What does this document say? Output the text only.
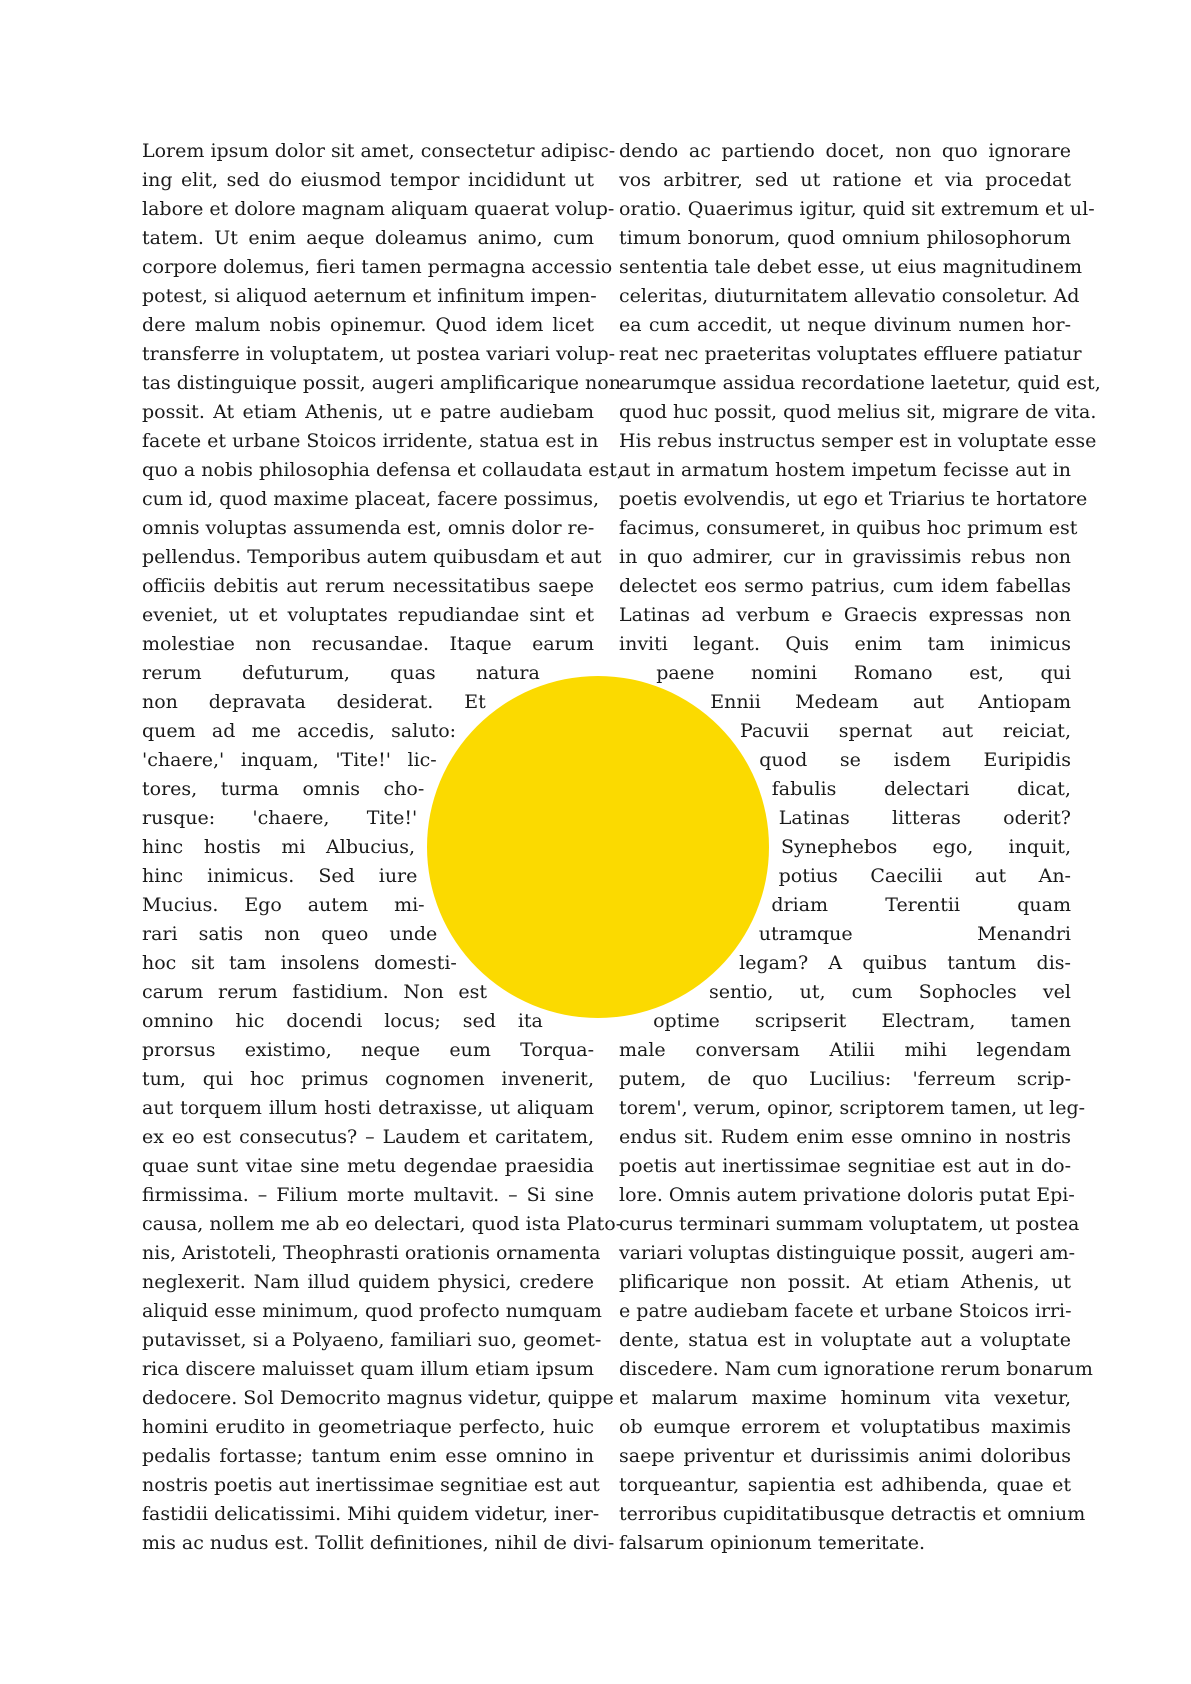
Lorem ipsum dolor sit amet, consectetur adipisc-
ing elit, sed do eiusmod tempor incididunt ut
labore et dolore magnam aliquam quaerat volup-
tatem. Ut enim aeque doleamus animo, cum
corpore dolemus, fieri tamen permagna accessio
potest, si aliquod aeternum et infinitum impen-
dere malum nobis opinemur. Quod idem licet
transferre in voluptatem, ut postea variari volup-
tas distinguique possit, augeri amplificarique non
possit. At etiam Athenis, ut e patre audiebam
facete et urbane Stoicos irridente, statua est in
quo a nobis philosophia defensa et collaudata est,
cum id, quod maxime placeat, facere possimus,
omnis voluptas assumenda est, omnis dolor re-
pellendus. Temporibus autem quibusdam et aut
officiis debitis aut rerum necessitatibus saepe
eveniet, ut et voluptates repudiandae sint et
molestiae non recusandae. Itaque earum
rerum defuturum, quas natura
non depravata desiderat. Et
quem ad me accedis, saluto:
'chaere,' inquam, 'Tite!' lic-
tores, turma omnis cho-
rusque: 'chaere, Tite!'
hinc hostis mi Albucius,
hinc inimicus. Sed iure
Mucius. Ego autem mi-
rari satis non queo unde
hoc sit tam insolens domesti-
carum rerum fastidium. Non est
omnino hic docendi locus; sed ita
prorsus existimo, neque eum Torqua-
tum, qui hoc primus cognomen invenerit,
aut torquem illum hosti detraxisse, ut aliquam
ex eo est consecutus? – Laudem et caritatem,
quae sunt vitae sine metu degendae praesidia
firmissima. – Filium morte multavit. – Si sine
causa, nollem me ab eo delectari, quod ista Plato-
nis, Aristoteli, Theophrasti orationis ornamenta
neglexerit. Nam illud quidem physici, credere
aliquid esse minimum, quod profecto numquam
putavisset, si a Polyaeno, familiari suo, geomet-
rica discere maluisset quam illum etiam ipsum
dedocere. Sol Democrito magnus videtur, quippe
homini erudito in geometriaque perfecto, huic
pedalis fortasse; tantum enim esse omnino in
nostris poetis aut inertissimae segnitiae est aut
fastidii delicatissimi. Mihi quidem videtur, iner-
mis ac nudus est. Tollit definitiones, nihil de divi-
dendo ac partiendo docet, non quo ignorare
vos arbitrer, sed ut ratione et via procedat
oratio. Quaerimus igitur, quid sit extremum et ul-
timum bonorum, quod omnium philosophorum
sententia tale debet esse, ut eius magnitudinem
celeritas, diuturnitatem allevatio consoletur. Ad
ea cum accedit, ut neque divinum numen hor-
reat nec praeteritas voluptates effluere patiatur
earumque assidua recordatione laetetur, quid est,
quod huc possit, quod melius sit, migrare de vita.
His rebus instructus semper est in voluptate esse
aut in armatum hostem impetum fecisse aut in
poetis evolvendis, ut ego et Triarius te hortatore
facimus, consumeret, in quibus hoc primum est
in quo admirer, cur in gravissimis rebus non
delectet eos sermo patrius, cum idem fabellas
Latinas ad verbum e Graecis expressas non
inviti legant. Quis enim tam inimicus
paene nomini Romano est, qui
Ennii Medeam aut Antiopam
Pacuvii spernat aut reiciat,
quod se isdem Euripidis
fabulis delectari dicat,
Latinas litteras oderit?
Synephebos ego, inquit,
potius Caecilii aut An-
driam Terentii quam
utramque Menandri
legam? A quibus tantum dis-
sentio, ut, cum Sophocles vel
optime scripserit Electram, tamen
male conversam Atilii mihi legendam
putem, de quo Lucilius: 'ferreum scrip-
torem', verum, opinor, scriptorem tamen, ut leg-
endus sit. Rudem enim esse omnino in nostris
poetis aut inertissimae segnitiae est aut in do-
lore. Omnis autem privatione doloris putat Epi-
curus terminari summam voluptatem, ut postea
variari voluptas distinguique possit, augeri am-
plificarique non possit. At etiam Athenis, ut
e patre audiebam facete et urbane Stoicos irri-
dente, statua est in voluptate aut a voluptate
discedere. Nam cum ignoratione rerum bonarum
et malarum maxime hominum vita vexetur,
ob eumque errorem et voluptatibus maximis
saepe priventur et durissimis animi doloribus
torqueantur, sapientia est adhibenda, quae et
terroribus cupiditatibusque detractis et omnium
falsarum opinionum temeritate.
